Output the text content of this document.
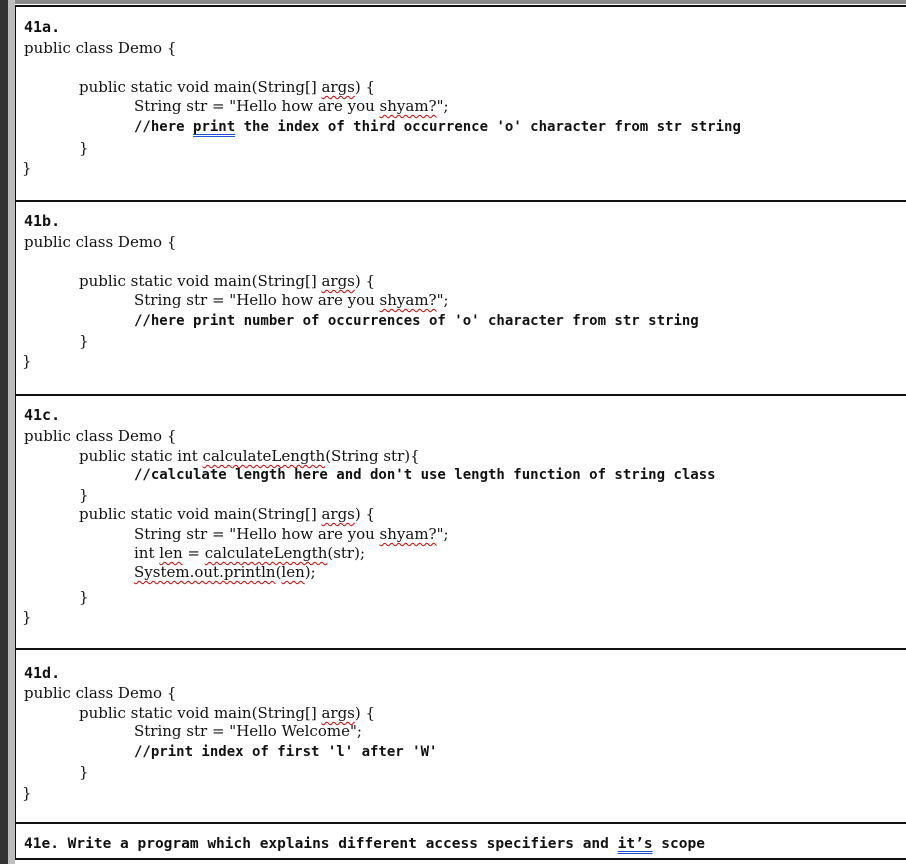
41a.
public class Demo {
public static void main(String[] args) {
String str = "Hello how are you shyam?";
//here print the index of third occurrence 'o' character from str string
}
}
41b.
public class Demo {
public static void main(String[] args) {
String str = "Hello how are you shyam?";
//here print number of occurrences of 'o' character from str string
}
}
41c.
public class Demo {
public static int calculateLength(String str){
//calculate length here and don't use length function of string class
}
public static void main(String[] args) {
String str = "Hello how are you shyam?";
int len = calculateLength(str);
System.out.println(len);
}
}
41d.
public class Demo {
public static void main(String[] args) {
String str = "Hello Welcome";
//print index of first 'l' after 'W'
}
}
41e. Write a program which explains different access specifiers and it’s scope
